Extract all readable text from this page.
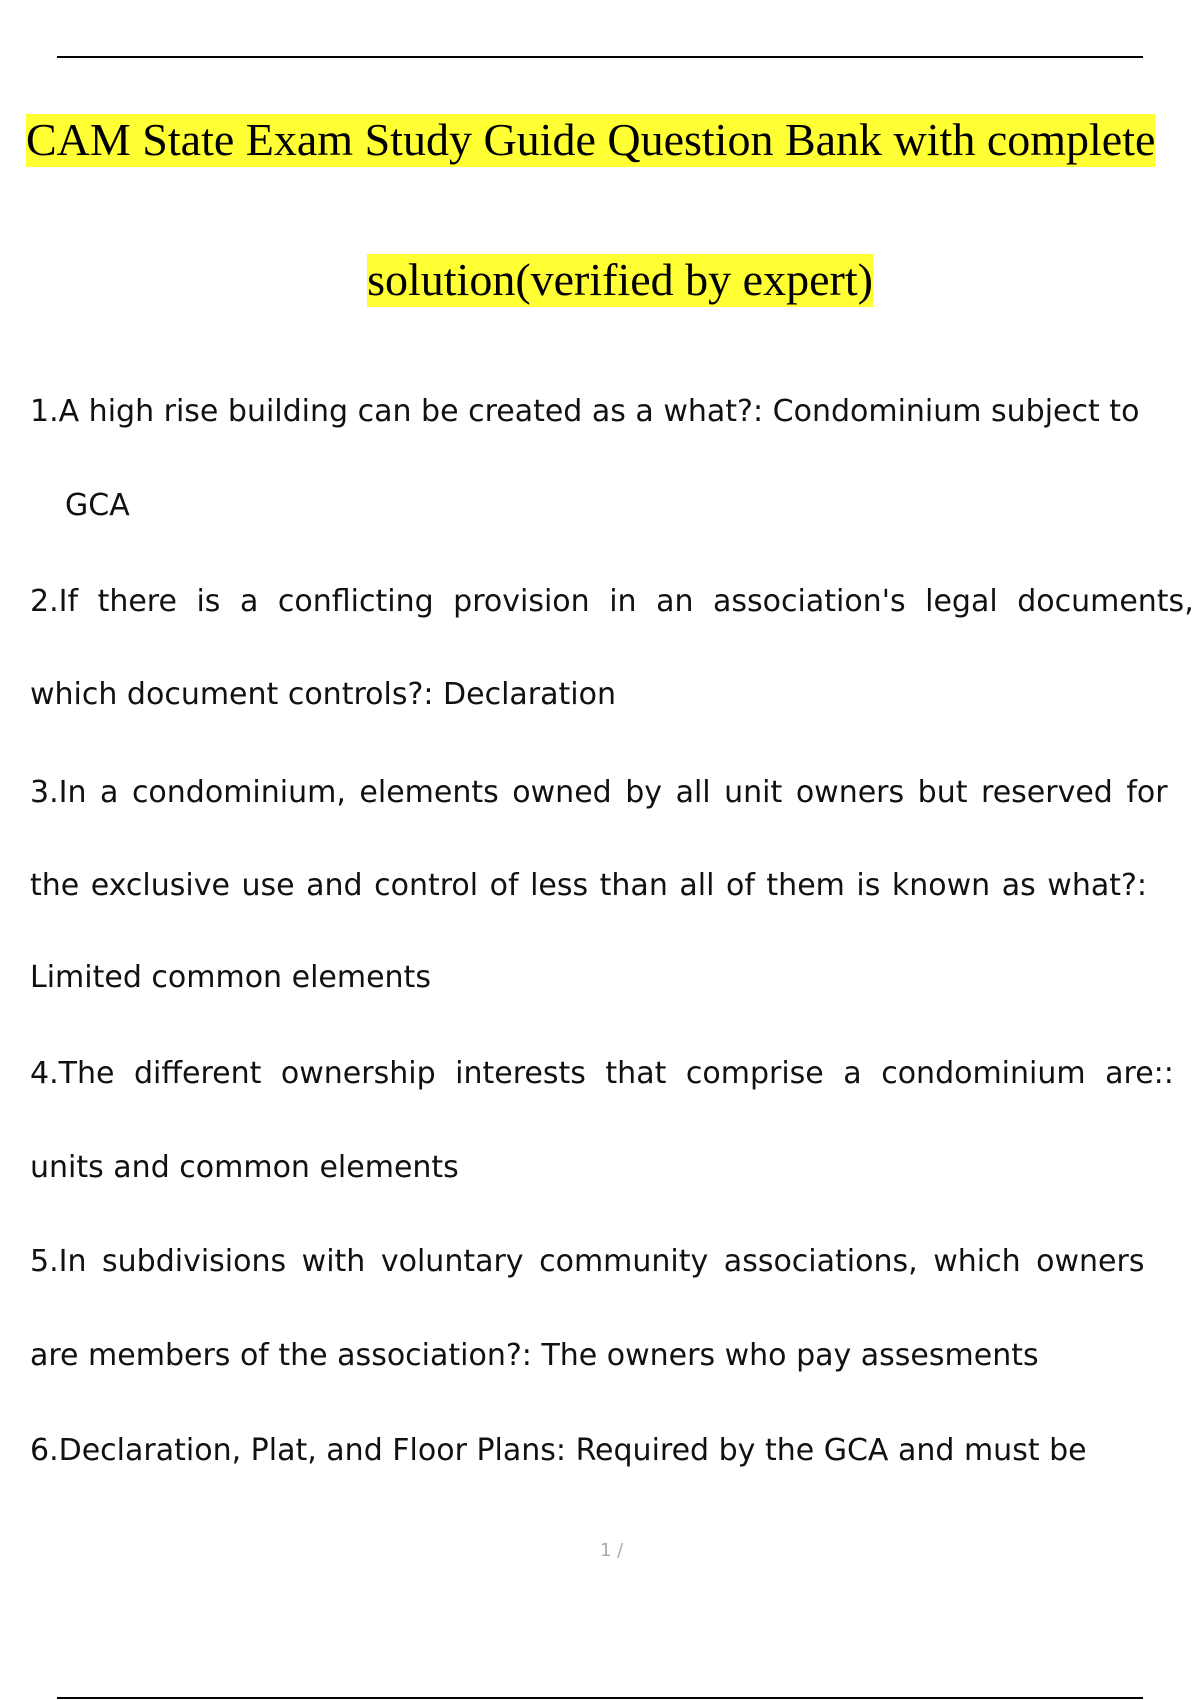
CAM State Exam Study Guide Question Bank with complete
solution(verified by expert)
1.A high rise building can be created as a what?: Condominium subject to
GCA
2.If there is a conflicting provision in an association's legal documents,
which document controls?: Declaration
3.In a condominium, elements owned by all unit owners but reserved for
the exclusive use and control of less than all of them is known as what?:
Limited common elements
4.The different ownership interests that comprise a condominium are::
units and common elements
5.In subdivisions with voluntary community associations, which owners
are members of the association?: The owners who pay assesments
6.Declaration, Plat, and Floor Plans: Required by the GCA and must be
1 /
